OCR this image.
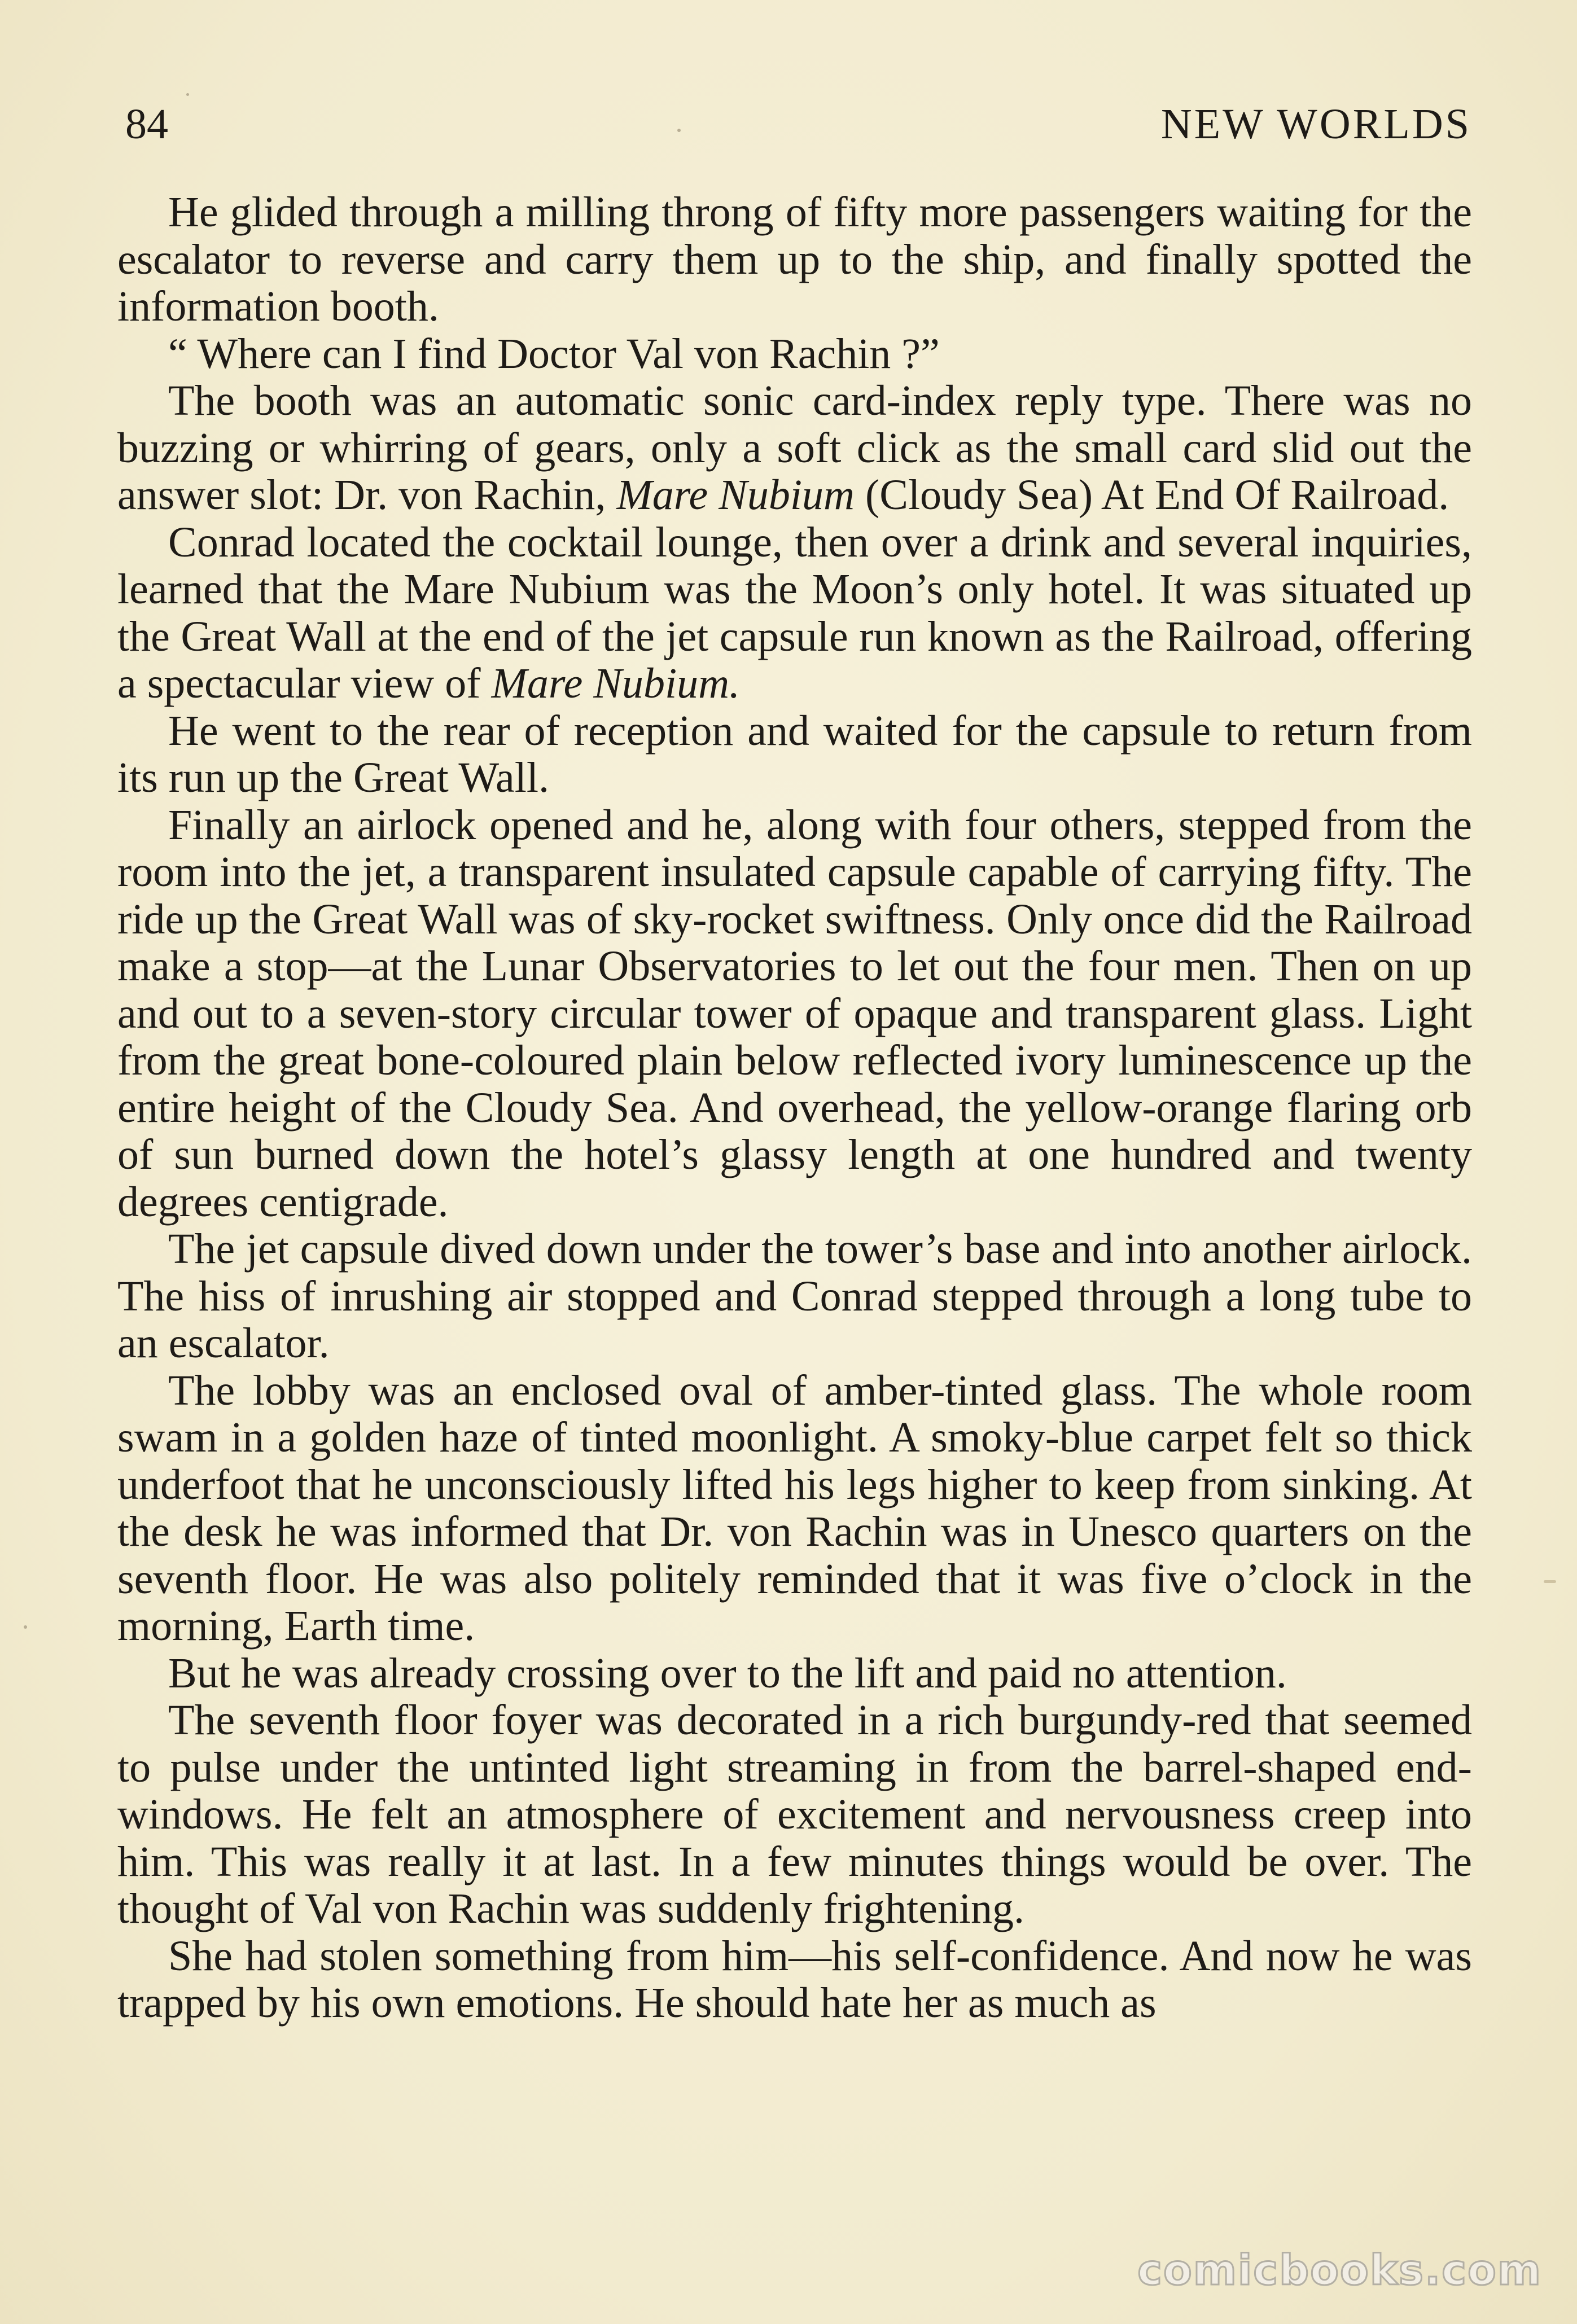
84	NEW WORLDS

He glided through a milling throng of fifty more passengers waiting for the escalator to reverse and carry them up to the ship, and finally spotted the information booth.

“ Where can I find Doctor Val von Rachin ?”

The booth was an automatic sonic card-index reply type. There was no buzzing or whirring of gears, only a soft click as the small card slid out the answer slot: Dr. von Rachin, Mare Nubium (Cloudy Sea) At End Of Railroad.

Conrad located the cocktail lounge, then over a drink and several inquiries, learned that the Mare Nubium was the Moon’s only hotel. It was situated up the Great Wall at the end of the jet capsule run known as the Railroad, offering a spectacular view of Mare Nubium.

He went to the rear of reception and waited for the capsule to return from its run up the Great Wall.

Finally an airlock opened and he, along with four others, stepped from the room into the jet, a transparent insulated capsule capable of carrying fifty. The ride up the Great Wall was of sky-rocket swiftness. Only once did the Railroad make a stop—at the Lunar Observatories to let out the four men. Then on up and out to a seven-story circular tower of opaque and transparent glass. Light from the great bone-coloured plain below reflected ivory luminescence up the entire height of the Cloudy Sea. And overhead, the yellow-orange flaring orb of sun burned down the hotel’s glassy length at one hundred and twenty degrees centigrade.

The jet capsule dived down under the tower’s base and into another airlock. The hiss of inrushing air stopped and Conrad stepped through a long tube to an escalator.

The lobby was an enclosed oval of amber-tinted glass. The whole room swam in a golden haze of tinted moonlight. A smoky-blue carpet felt so thick underfoot that he unconsciously lifted his legs higher to keep from sinking. At the desk he was informed that Dr. von Rachin was in Unesco quarters on the seventh floor. He was also politely reminded that it was five o’clock in the morning, Earth time.

But he was already crossing over to the lift and paid no attention.

The seventh floor foyer was decorated in a rich burgundy-red that seemed to pulse under the untinted light streaming in from the barrel-shaped end-windows. He felt an atmosphere of excitement and nervousness creep into him. This was really it at last. In a few minutes things would be over. The thought of Val von Rachin was suddenly frightening.

She had stolen something from him—his self-confidence. And now he was trapped by his own emotions. He should hate her as much as

comicbooks.com
